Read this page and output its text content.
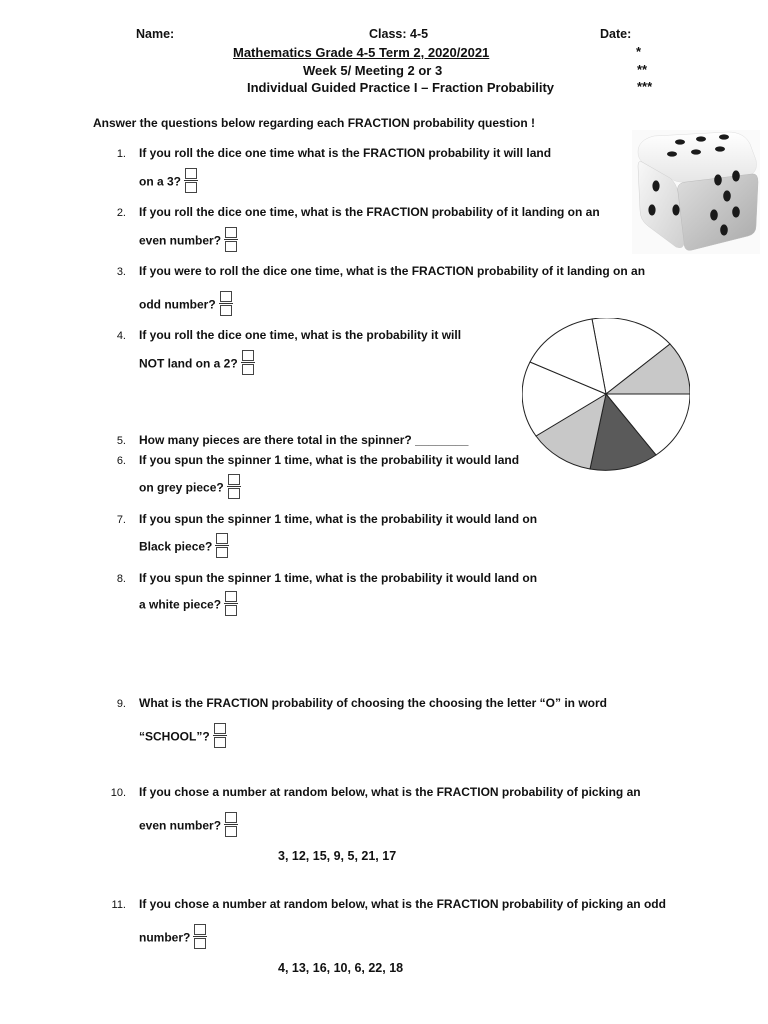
Name:	Class: 4-5	Date:
Mathematics Grade 4-5 Term 2, 2020/2021
Week 5/ Meeting 2 or 3
Individual Guided Practice I – Fraction Probability
*
**
***
Answer the questions below regarding each FRACTION probability question !
1. If you roll the dice one time what is the FRACTION probability it will land
on a 3?
2. If you roll the dice one time, what is the FRACTION probability of it landing on an
even number?
3. If you were to roll the dice one time, what is the FRACTION probability of it landing on an
odd number?
4. If you roll the dice one time, what is the probability it will
NOT land on a 2?
5. How many pieces are there total in the spinner? ________
6. If you spun the spinner 1 time, what is the probability it would land
on grey piece?
7. If you spun the spinner 1 time, what is the probability it would land on
Black piece?
8. If you spun the spinner 1 time, what is the probability it would land on
a white piece?
9. What is the FRACTION probability of choosing the choosing the letter “O” in word
“SCHOOL”?
10. If you chose a number at random below, what is the FRACTION probability of picking an
even number?
3, 12, 15, 9, 5, 21, 17
11. If you chose a number at random below, what is the FRACTION probability of picking an odd
number?
4, 13, 16, 10, 6, 22, 18
